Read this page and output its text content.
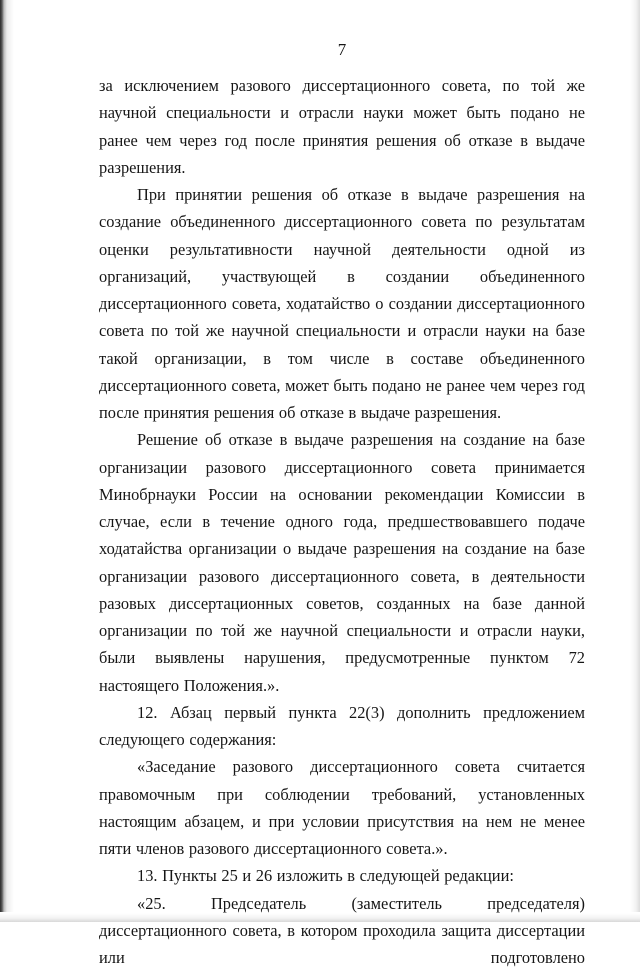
7

за исключением разового диссертационного совета, по той же научной специальности и отрасли науки может быть подано не ранее чем через год после принятия решения об отказе в выдаче разрешения.

При принятии решения об отказе в выдаче разрешения на создание объединенного диссертационного совета по результатам оценки результативности научной деятельности одной из организаций, участвующей в создании объединенного диссертационного совета, ходатайство о создании диссертационного совета по той же научной специальности и отрасли науки на базе такой организации, в том числе в составе объединенного диссертационного совета, может быть подано не ранее чем через год после принятия решения об отказе в выдаче разрешения.

Решение об отказе в выдаче разрешения на создание на базе организации разового диссертационного совета принимается Минобрнауки России на основании рекомендации Комиссии в случае, если в течение одного года, предшествовавшего подаче ходатайства организации о выдаче разрешения на создание на базе организации разового диссертационного совета, в деятельности разовых диссертационных советов, созданных на базе данной организации по той же научной специальности и отрасли науки, были выявлены нарушения, предусмотренные пунктом 72 настоящего Положения.».

12. Абзац первый пункта 22(3) дополнить предложением следующего содержания:

«Заседание разового диссертационного совета считается правомочным при соблюдении требований, установленных настоящим абзацем, и при условии присутствия на нем не менее пяти членов разового диссертационного совета.».

13. Пункты 25 и 26 изложить в следующей редакции:

«25. Председатель (заместитель председателя) диссертационного совета, в котором проходила защита диссертации или подготовлено
